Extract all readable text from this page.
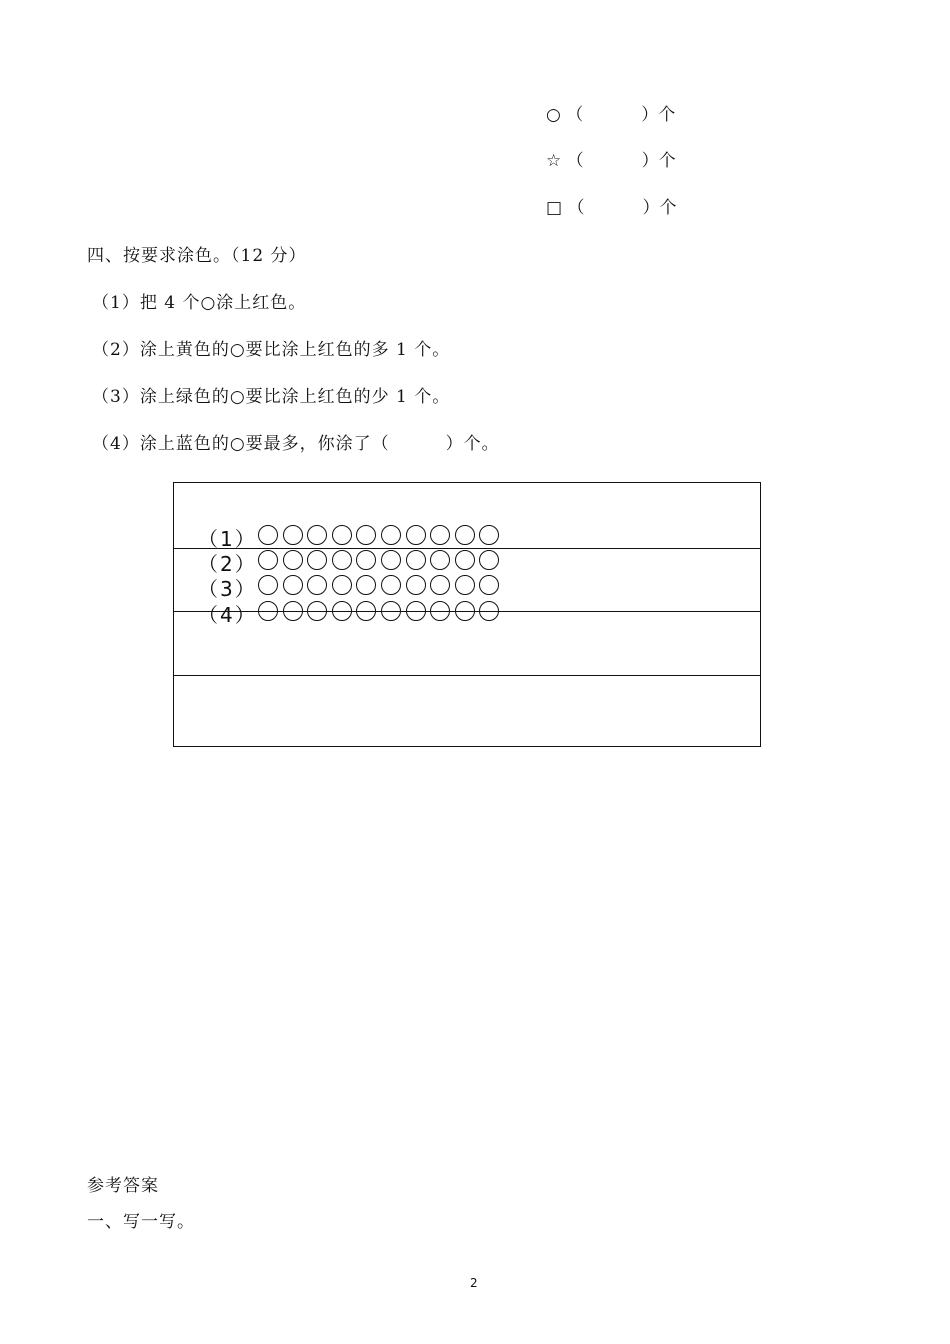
○ （	）个
☆ （	）个
□ （	）个
四、按要求涂色。（12 分）
（1）把 4 个○涂上红色。
（2）涂上黄色的○要比涂上红色的多 1 个。
（3）涂上绿色的○要比涂上红色的少 1 个。
（4）涂上蓝色的○要最多，你涂了（	）个。
（1）
（2）
（3）
（4）
参考答案
一、写一写。
2
